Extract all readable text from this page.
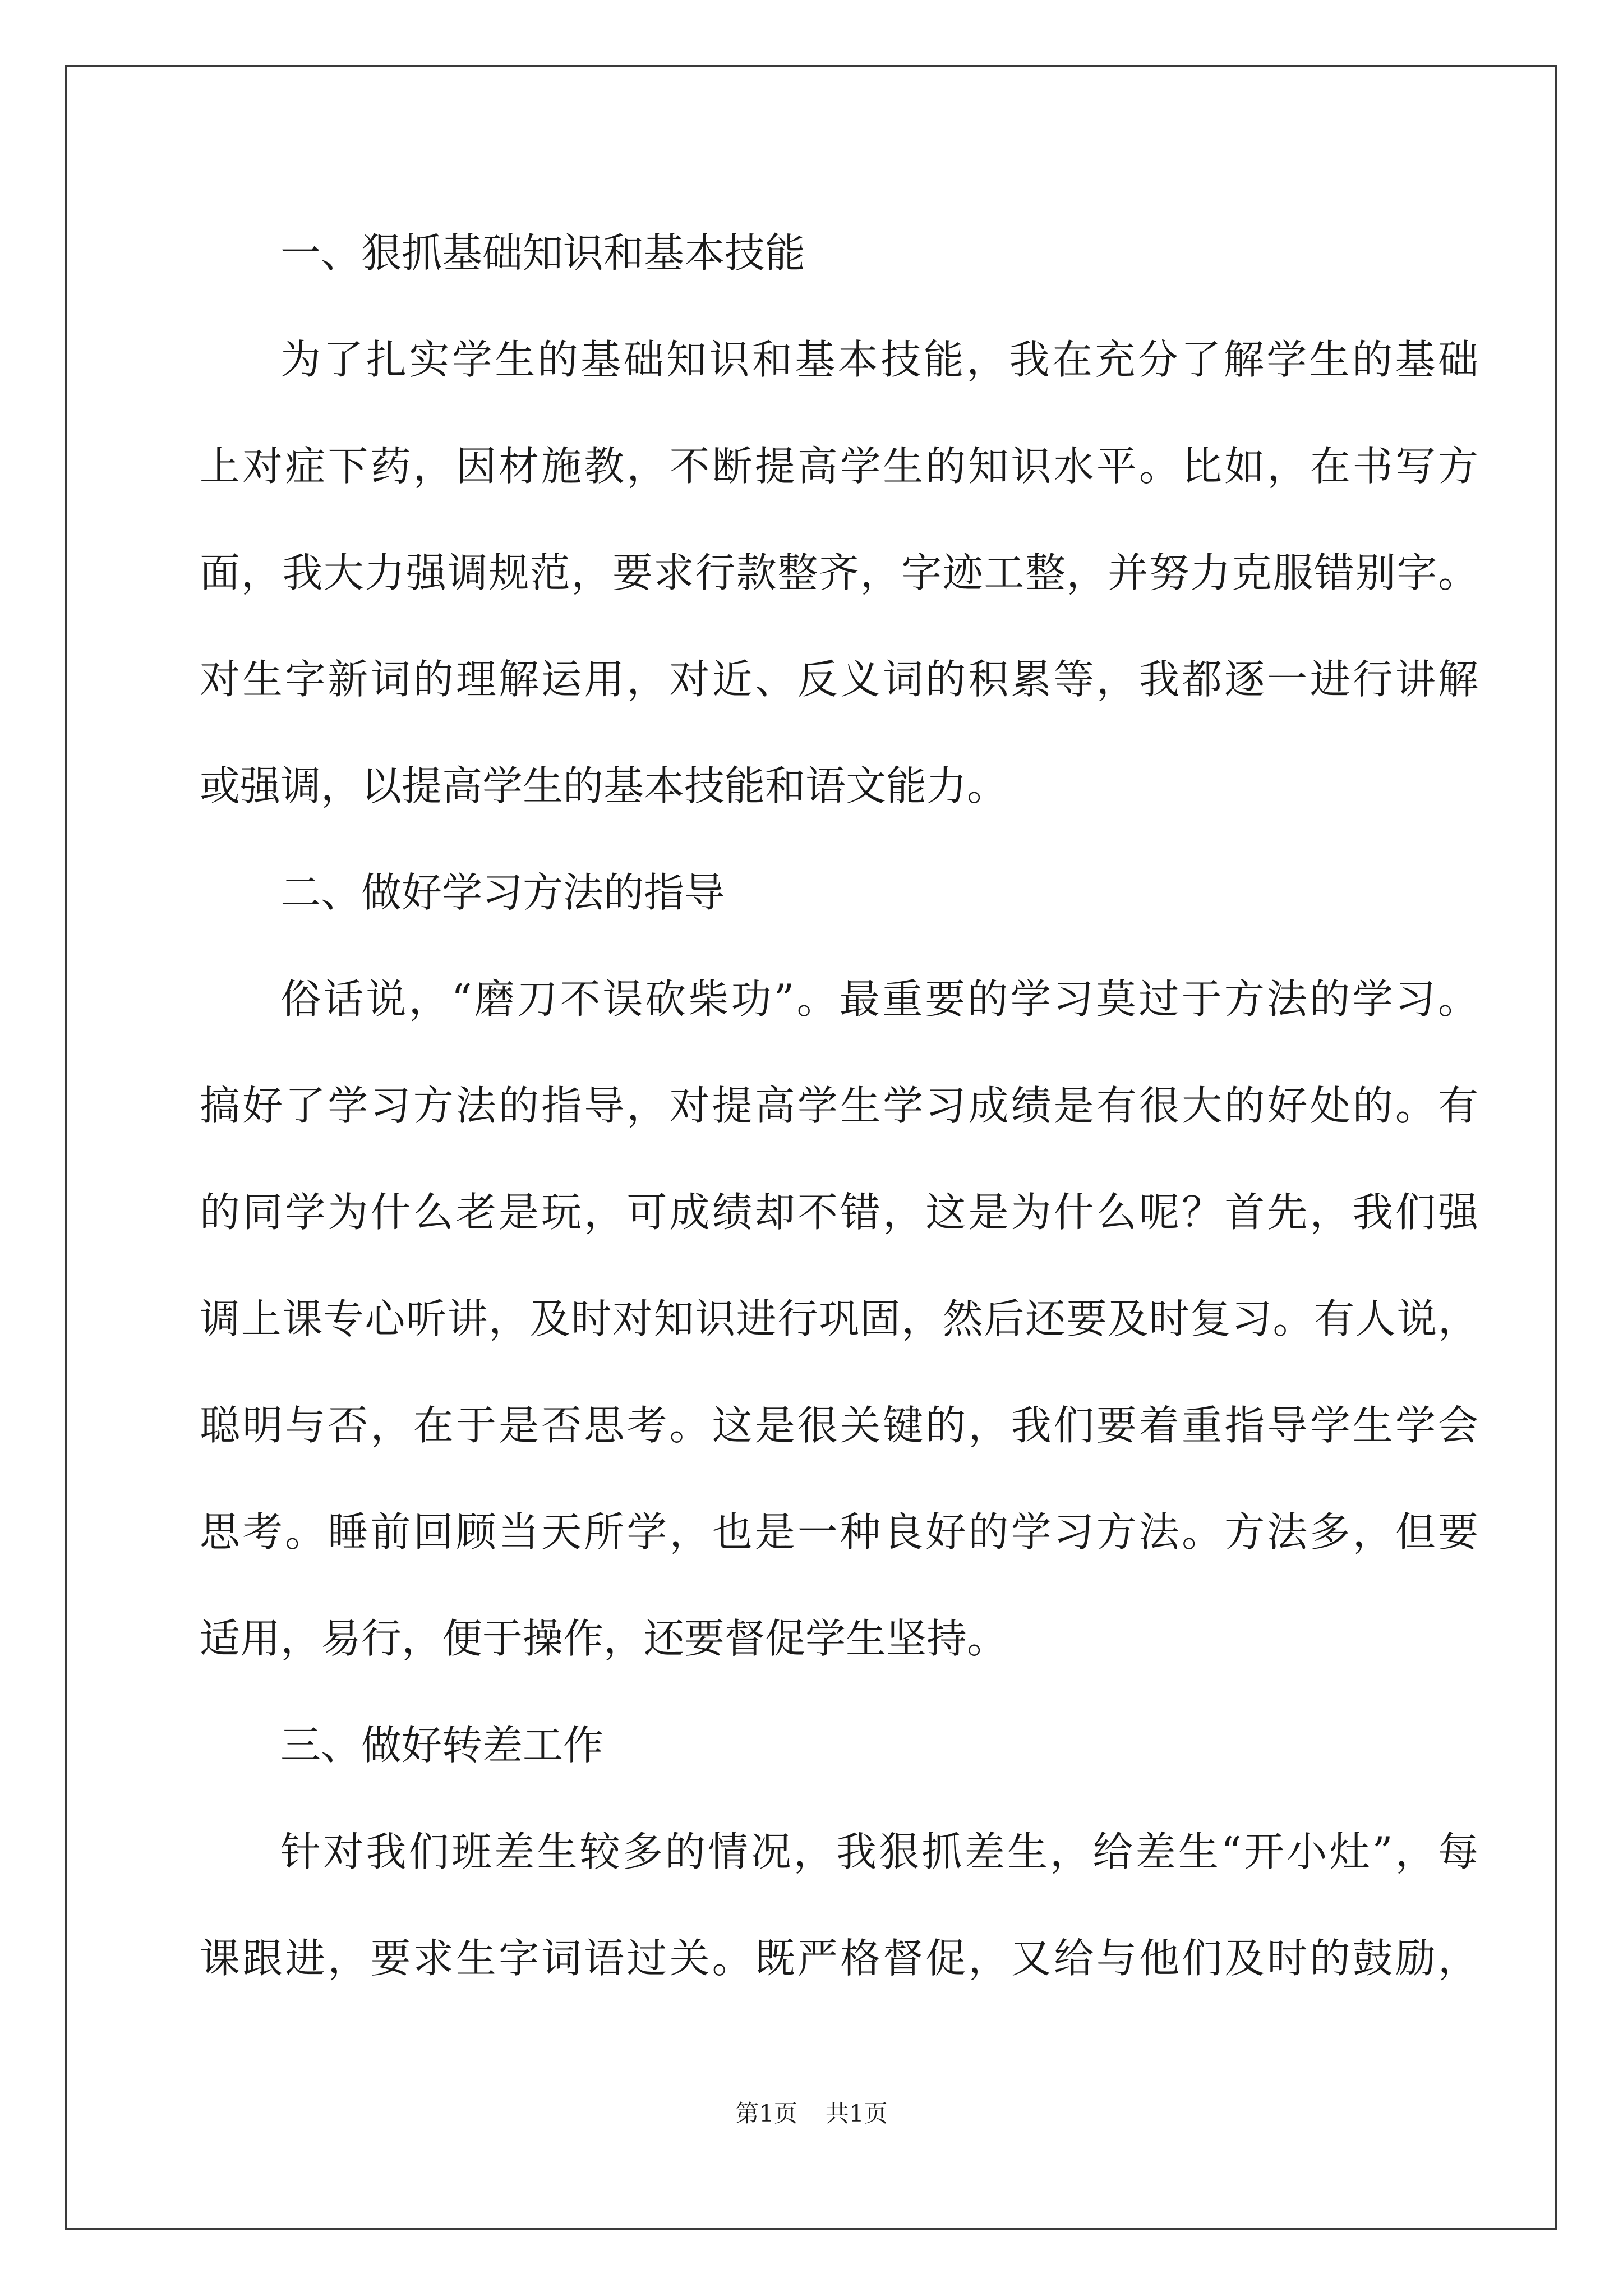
一、狠抓基础知识和基本技能
为了扎实学生的基础知识和基本技能，我在充分了解学生的基础
上对症下药，因材施教，不断提高学生的知识水平。比如，在书写方
面，我大力强调规范，要求行款整齐，字迹工整，并努力克服错别字。
对生字新词的理解运用，对近、反义词的积累等，我都逐一进行讲解
或强调，以提高学生的基本技能和语文能力。
二、做好学习方法的指导
俗话说，“磨刀不误砍柴功”。最重要的学习莫过于方法的学习。
搞好了学习方法的指导，对提高学生学习成绩是有很大的好处的。有
的同学为什么老是玩，可成绩却不错，这是为什么呢？首先，我们强
调上课专心听讲，及时对知识进行巩固，然后还要及时复习。有人说，
聪明与否，在于是否思考。这是很关键的，我们要着重指导学生学会
思考。睡前回顾当天所学，也是一种良好的学习方法。方法多，但要
适用，易行，便于操作，还要督促学生坚持。
三、做好转差工作
针对我们班差生较多的情况，我狠抓差生，给差生“开小灶”，每
课跟进，要求生字词语过关。既严格督促，又给与他们及时的鼓励，
第1页 共1页
